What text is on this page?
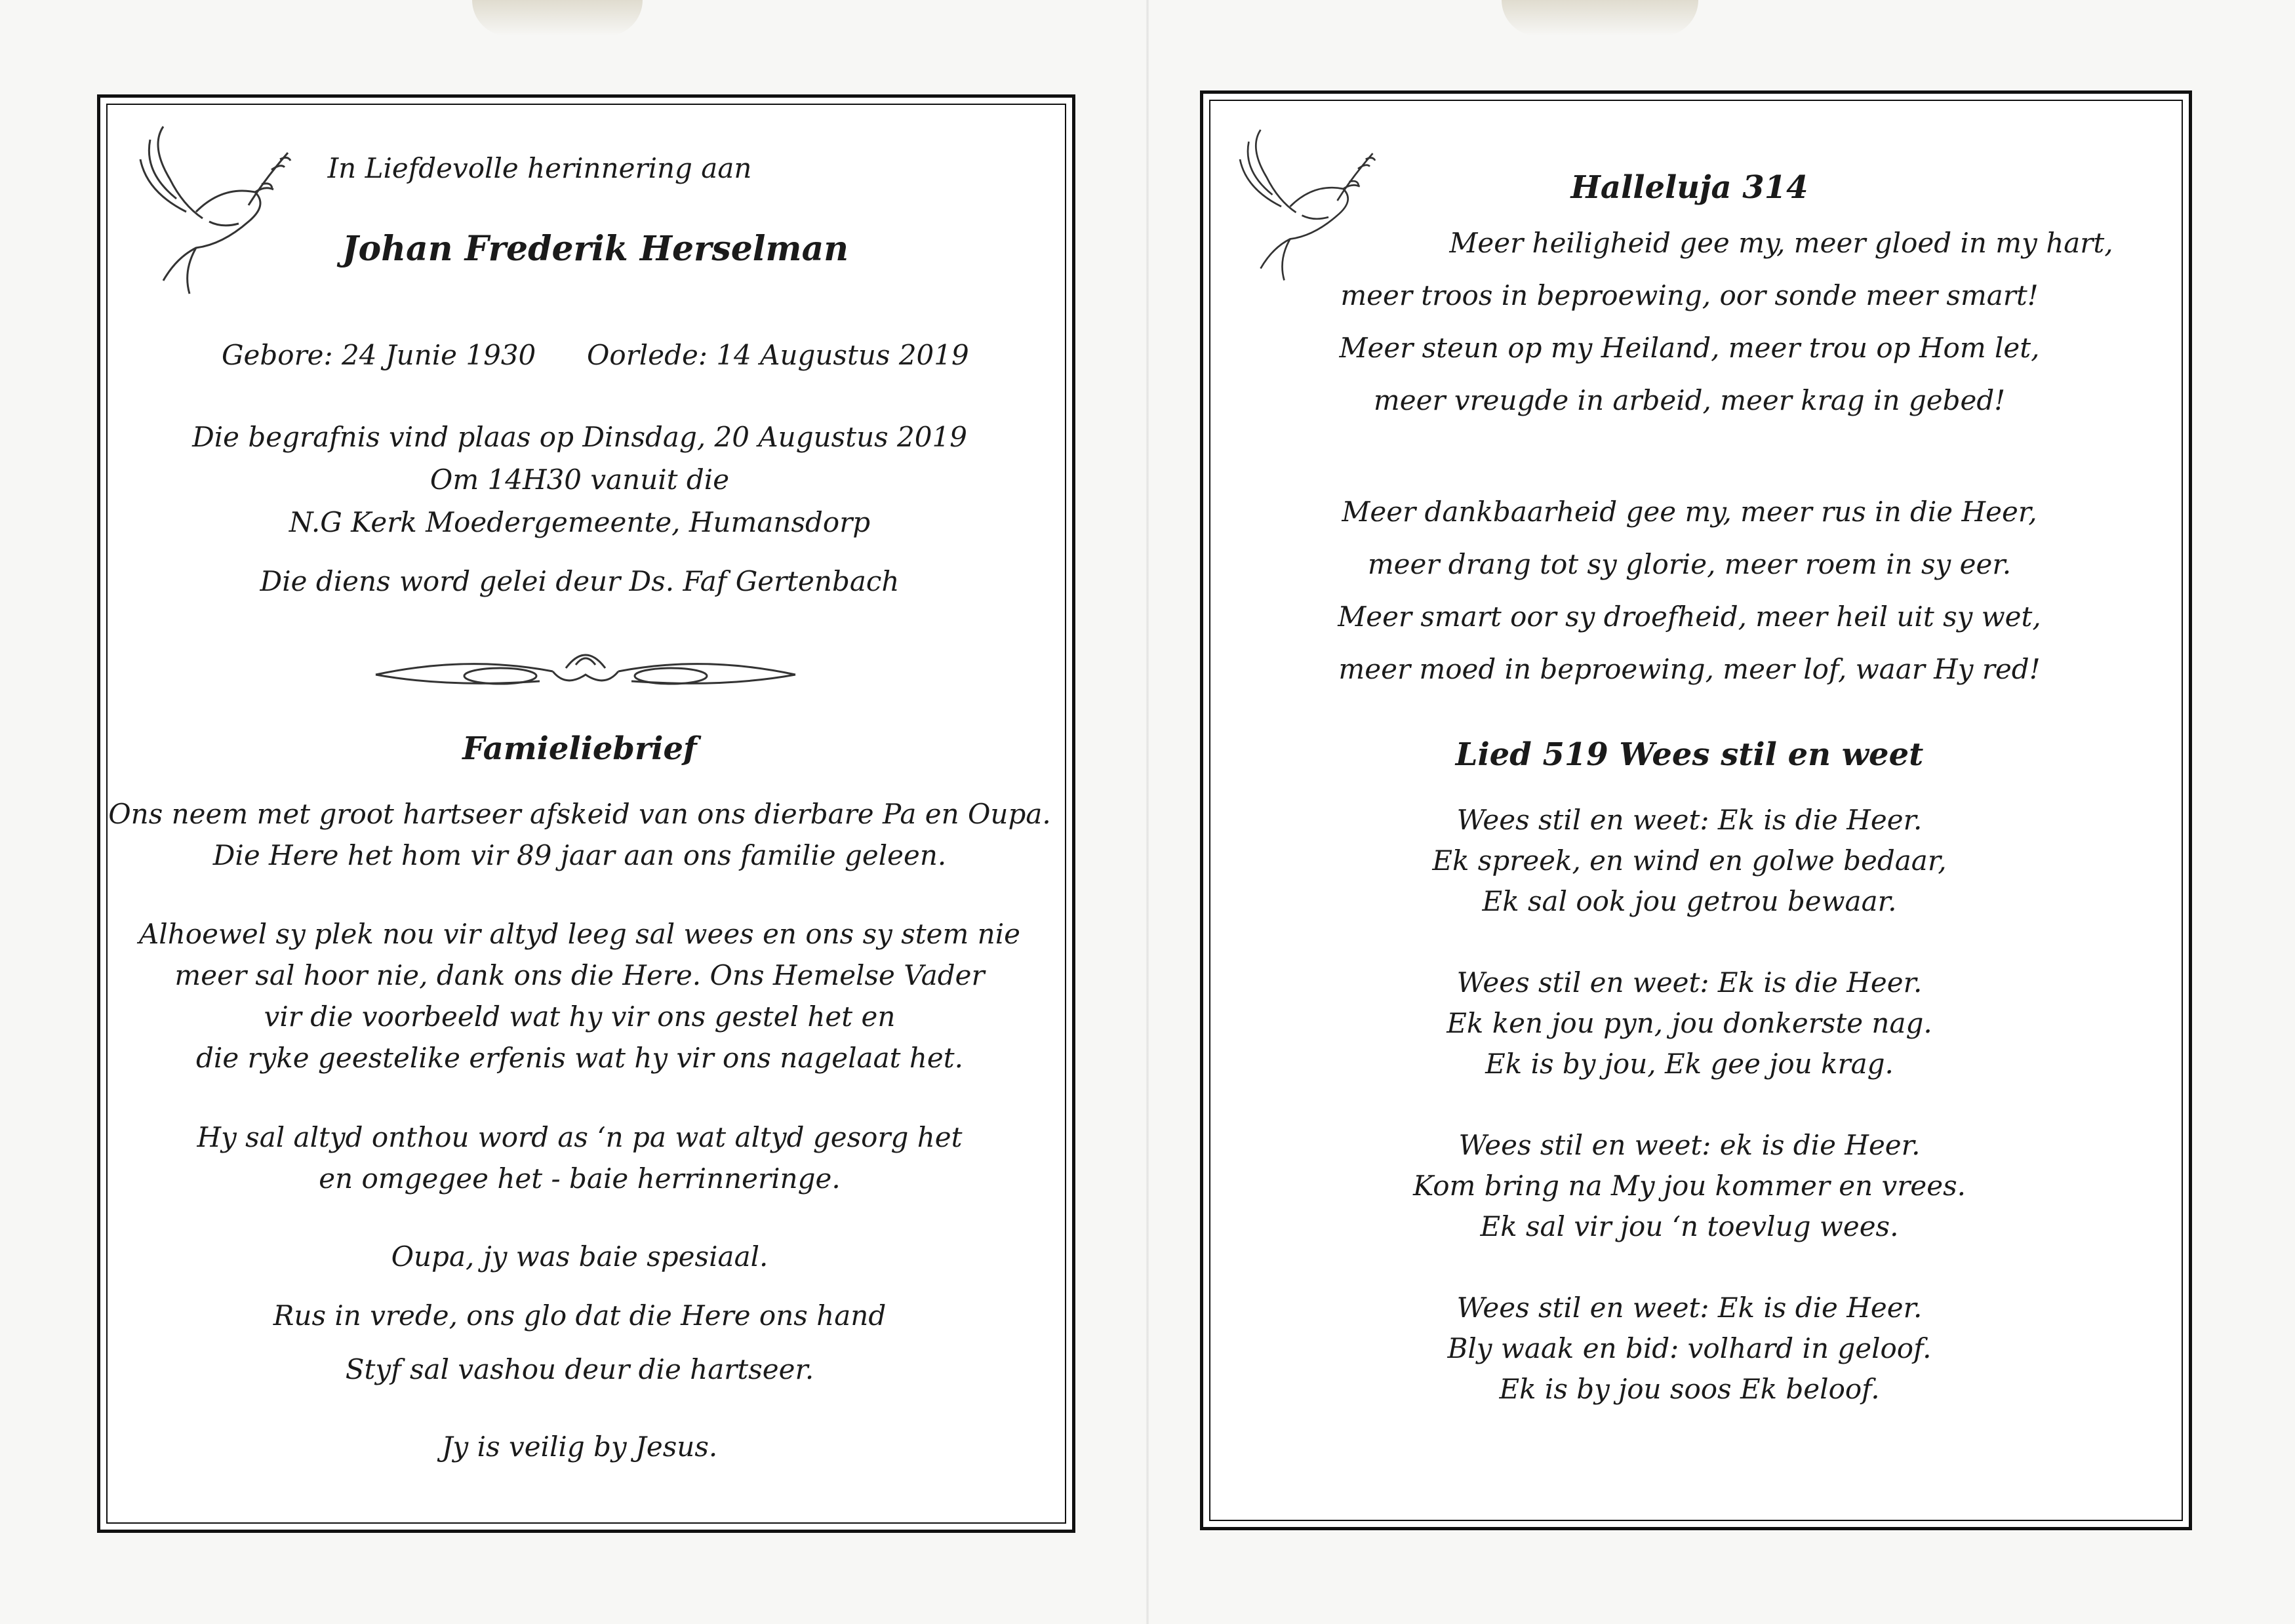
In Liefdevolle herinnering aan
Johan Frederik Herselman
Gebore: 24 Junie 1930	Oorlede: 14 Augustus 2019
Die begrafnis vind plaas op Dinsdag, 20 Augustus 2019
Om 14H30 vanuit die
N.G Kerk Moedergemeente, Humansdorp
Die diens word gelei deur Ds. Faf Gertenbach
Famieliebrief
Ons neem met groot hartseer afskeid van ons dierbare Pa en Oupa.
Die Here het hom vir 89 jaar aan ons familie geleen.
Alhoewel sy plek nou vir altyd leeg sal wees en ons sy stem nie
meer sal hoor nie, dank ons die Here. Ons Hemelse Vader
vir die voorbeeld wat hy vir ons gestel het en
die ryke geestelike erfenis wat hy vir ons nagelaat het.
Hy sal altyd onthou word as ‘n pa wat altyd gesorg het
en omgegee het - baie herrinneringe.
Oupa, jy was baie spesiaal.
Rus in vrede, ons glo dat die Here ons hand
Styf sal vashou deur die hartseer.
Jy is veilig by Jesus.
Halleluja 314
Meer heiligheid gee my, meer gloed in my hart,
meer troos in beproewing, oor sonde meer smart!
Meer steun op my Heiland, meer trou op Hom let,
meer vreugde in arbeid, meer krag in gebed!
Meer dankbaarheid gee my, meer rus in die Heer,
meer drang tot sy glorie, meer roem in sy eer.
Meer smart oor sy droefheid, meer heil uit sy wet,
meer moed in beproewing, meer lof, waar Hy red!
Lied 519 Wees stil en weet
Wees stil en weet: Ek is die Heer.
Ek spreek, en wind en golwe bedaar,
Ek sal ook jou getrou bewaar.
Wees stil en weet: Ek is die Heer.
Ek ken jou pyn, jou donkerste nag.
Ek is by jou, Ek gee jou krag.
Wees stil en weet: ek is die Heer.
Kom bring na My jou kommer en vrees.
Ek sal vir jou ‘n toevlug wees.
Wees stil en weet: Ek is die Heer.
Bly waak en bid: volhard in geloof.
Ek is by jou soos Ek beloof.
